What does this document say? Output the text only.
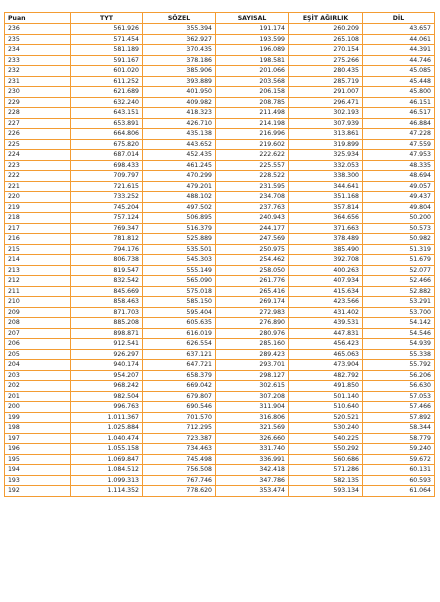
Puan	TYT	SÖZEL	SAYISAL	EŞİT AĞIRLIK	DİL
236	561.926	355.394	191.174	260.209	43.657
235	571.454	362.927	193.599	265.108	44.061
234	581.189	370.435	196.089	270.154	44.391
233	591.167	378.186	198.581	275.266	44.746
232	601.020	385.906	201.066	280.435	45.085
231	611.252	393.889	203.568	285.719	45.448
230	621.689	401.950	206.158	291.007	45.800
229	632.240	409.982	208.785	296.471	46.151
228	643.151	418.323	211.498	302.193	46.517
227	653.891	426.710	214.198	307.939	46.884
226	664.806	435.138	216.996	313.861	47.228
225	675.820	443.652	219.602	319.899	47.559
224	687.014	452.435	222.622	325.934	47.953
223	698.433	461.245	225.557	332.053	48.335
222	709.797	470.299	228.522	338.300	48.694
221	721.615	479.201	231.595	344.641	49.057
220	733.252	488.102	234.708	351.168	49.437
219	745.204	497.502	237.763	357.814	49.804
218	757.124	506.895	240.943	364.656	50.200
217	769.347	516.379	244.177	371.663	50.573
216	781.812	525.889	247.569	378.489	50.982
215	794.176	535.501	250.975	385.490	51.319
214	806.738	545.303	254.462	392.708	51.679
213	819.547	555.149	258.050	400.263	52.077
212	832.542	565.090	261.776	407.934	52.466
211	845.669	575.018	265.416	415.634	52.882
210	858.463	585.150	269.174	423.566	53.291
209	871.703	595.404	272.983	431.402	53.700
208	885.208	605.635	276.890	439.531	54.142
207	898.871	616.019	280.976	447.831	54.546
206	912.541	626.554	285.160	456.423	54.939
205	926.297	637.121	289.423	465.063	55.338
204	940.174	647.721	293.701	473.904	55.792
203	954.207	658.379	298.127	482.792	56.206
202	968.242	669.042	302.615	491.850	56.630
201	982.504	679.807	307.208	501.140	57.053
200	996.763	690.546	311.904	510.640	57.466
199	1.011.367	701.570	316.806	520.521	57.892
198	1.025.884	712.295	321.569	530.240	58.344
197	1.040.474	723.387	326.660	540.225	58.779
196	1.055.158	734.463	331.740	550.292	59.240
195	1.069.847	745.498	336.991	560.686	59.672
194	1.084.512	756.508	342.418	571.286	60.131
193	1.099.313	767.746	347.786	582.135	60.593
192	1.114.352	778.620	353.474	593.134	61.064
